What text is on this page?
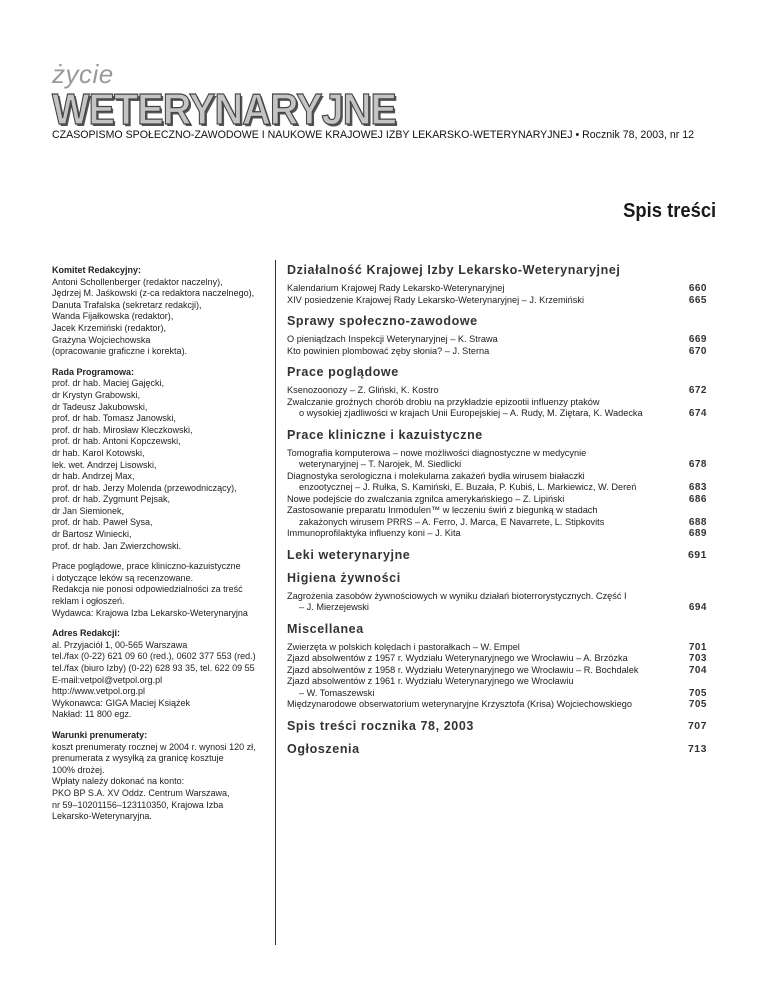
życie
WETERYNARYJNE
CZASOPISMO SPOŁECZNO-ZAWODOWE I NAUKOWE KRAJOWEJ IZBY LEKARSKO-WETERYNARYJNEJ • Rocznik 78, 2003, nr 12
Spis treści
Komitet Redakcyjny:
Antoni Schollenberger (redaktor naczelny),
Jędrzej M. Jaśkowski (z-ca redaktora naczelnego),
Danuta Trafalska (sekretarz redakcji),
Wanda Fijałkowska (redaktor),
Jacek Krzemiński (redaktor),
Grażyna Wojciechowska
(opracowanie graficzne i korekta).
Rada Programowa:
prof. dr hab. Maciej Gajęcki,
dr Krystyn Grabowski,
dr Tadeusz Jakubowski,
prof. dr hab. Tomasz Janowski,
prof. dr hab. Mirosław Kleczkowski,
prof. dr hab. Antoni Kopczewski,
dr hab. Karol Kotowski,
lek. wet. Andrzej Lisowski,
dr hab. Andrzej Max,
prof. dr hab. Jerzy Molenda (przewodniczący),
prof. dr hab. Zygmunt Pejsak,
dr Jan Siemionek,
prof. dr hab. Paweł Sysa,
dr Bartosz Winiecki,
prof. dr hab. Jan Zwierzchowski.
Prace poglądowe, prace kliniczno-kazuistyczne
i dotyczące leków są recenzowane.
Redakcja nie ponosi odpowiedzialności za treść
reklam i ogłoszeń.
Wydawca: Krajowa Izba Lekarsko-Weterynaryjna
Adres Redakcji:
al. Przyjaciół 1, 00-565 Warszawa
tel./fax (0-22) 621 09 60 (red.), 0602 377 553 (red.)
tel./fax (biuro Izby) (0-22) 628 93 35, tel. 622 09 55
E-mail:vetpol@vetpol.org.pl
http://www.vetpol.org.pl
Wykonawca: GIGA Maciej Książek
Nakład: 11 800 egz.
Warunki prenumeraty:
koszt prenumeraty rocznej w 2004 r. wynosi 120 zł,
prenumerata z wysyłką za granicę kosztuje
100% drożej.
Wpłaty należy dokonać na konto:
PKO BP S.A. XV Oddz. Centrum Warszawa,
nr 59–10201156–123110350, Krajowa Izba
Lekarsko-Weterynaryjna.
Działalność Krajowej Izby Lekarsko-Weterynaryjnej
Kalendarium Krajowej Rady Lekarsko-Weterynaryjnej	660
XIV posiedzenie Krajowej Rady Lekarsko-Weterynaryjnej – J. Krzemiński	665
Sprawy społeczno-zawodowe
O pieniądzach Inspekcji Weterynaryjnej – K. Strawa	669
Kto powinien plombować zęby słonia? – J. Sterna	670
Prace poglądowe
Ksenozoonozy – Z. Gliński, K. Kostro	672
Zwalczanie groźnych chorób drobiu na przykładzie epizootii influenzy ptaków
o wysokiej zjadliwości w krajach Unii Europejskiej – A. Rudy, M. Ziętara, K. Wadecka	674
Prace kliniczne i kazuistyczne
Tomografia komputerowa – nowe możliwości diagnostyczne w medycynie
weterynaryjnej – T. Narojek, M. Siedlicki	678
Diagnostyka serologiczna i molekularna zakażeń bydła wirusem białaczki
enzootycznej – J. Rułka, S. Kamiński, E. Buzała, P. Kubiś, L. Markiewicz, W. Dereń	683
Nowe podejście do zwalczania zgnilca amerykańskiego – Z. Lipiński	686
Zastosowanie preparatu Inmodulen™ w leczeniu świń z biegunką w stadach
zakażonych wirusem PRRS – A. Ferro, J. Marca, E Navarrete, L. Stipkovits	688
Immunoprofilaktyka influenzy koni – J. Kita	689
Leki weterynaryjne	691
Higiena żywności
Zagrożenia zasobów żywnościowych w wyniku działań bioterrorystycznych. Część I
– J. Mierzejewski	694
Miscellanea
Zwierzęta w polskich kolędach i pastorałkach – W. Empel	701
Zjazd absolwentów z 1957 r. Wydziału Weterynaryjnego we Wrocławiu – A. Brzózka	703
Zjazd absolwentów z 1958 r. Wydziału Weterynaryjnego we Wrocławiu – R. Bochdalek	704
Zjazd absolwentów z 1961 r. Wydziału Weterynaryjnego we Wrocławiu
– W. Tomaszewski	705
Międzynarodowe obserwatorium weterynaryjne Krzysztofa (Krisa) Wojciechowskiego	705
Spis treści rocznika 78, 2003	707
Ogłoszenia	713
